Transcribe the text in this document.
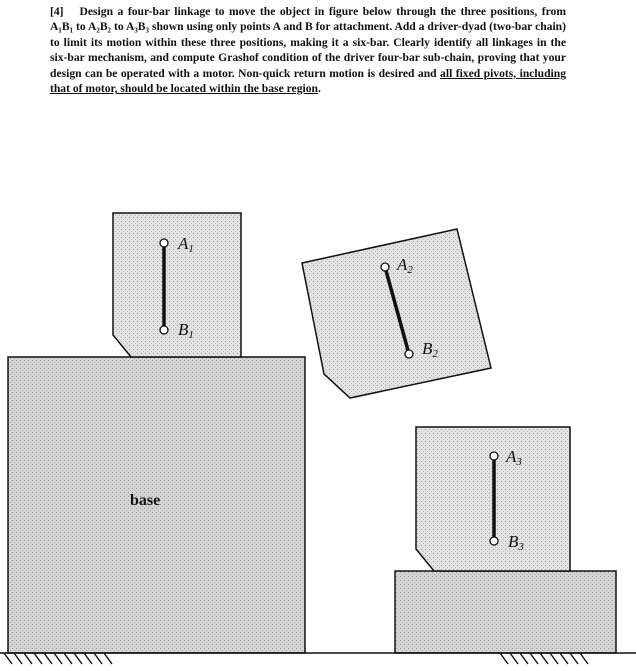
[4] Design a four-bar linkage to move the object in figure below through the three positions, from A₁B₁ to A₂B₂ to A₃B₃ shown using only points A and B for attachment. Add a driver-dyad (two-bar chain) to limit its motion within these three positions, making it a six-bar. Clearly identify all linkages in the six-bar mechanism, and compute Grashof condition of the driver four-bar sub-chain, proving that your design can be operated with a motor. Non-quick return motion is desired and all fixed pivots, including that of motor, should be located within the base region.

base
A1
B1
A2
B2
A3
B3
